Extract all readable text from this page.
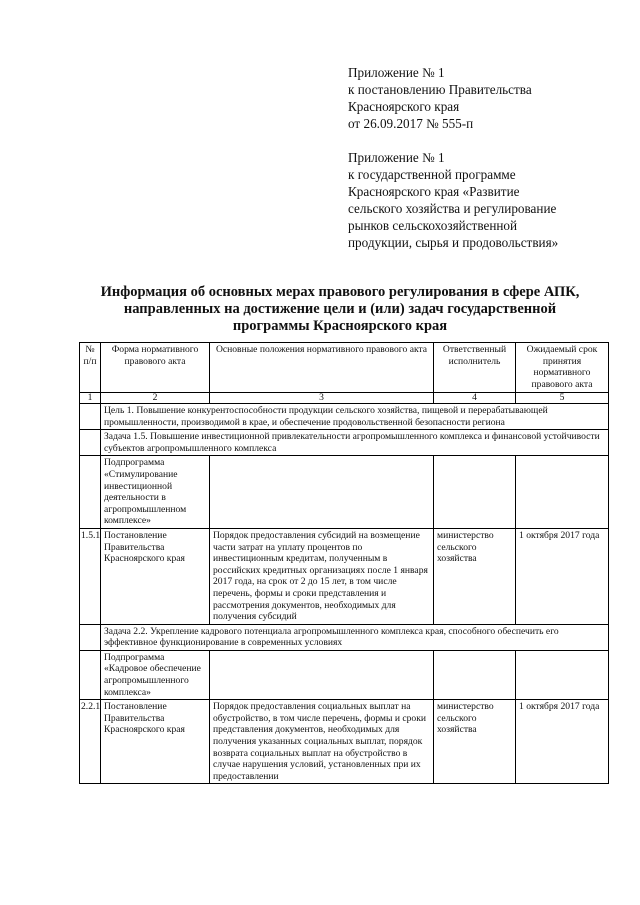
Приложение № 1
к постановлению Правительства
Красноярского края
от 26.09.2017 № 555-п
Приложение № 1
к государственной программе
Красноярского края «Развитие
сельского хозяйства и регулирование
рынков сельскохозяйственной
продукции, сырья и продовольствия»
Информация об основных мерах правового регулирования в сфере АПК,
направленных на достижение цели и (или) задач государственной
программы Красноярского края
№ п/п	Форма нормативного правового акта	Основные положения нормативного правового акта	Ответственный исполнитель	Ожидаемый срок принятия нормативного правового акта
1	2	3	4	5
	Цель 1. Повышение конкурентоспособности продукции сельского хозяйства, пищевой и перерабатывающей промышленности, производимой в крае, и обеспечение продовольственной безопасности региона			
	Задача 1.5. Повышение инвестиционной привлекательности агропромышленного комплекса и финансовой устойчивости субъектов агропромышленного комплекса			
	Подпрограмма «Стимулирование инвестиционной деятельности в агропромышленном комплексе»			
1.5.1	Постановление Правительства Красноярского края	Порядок предоставления субсидий на возмещение части затрат на уплату процентов по инвестиционным кредитам, полученным в российских кредитных организациях после 1 января 2017 года, на срок от 2 до 15 лет, в том числе перечень, формы и сроки представления и рассмотрения документов, необходимых для получения субсидий	министерство сельского хозяйства	1 октября 2017 года
	Задача 2.2. Укрепление кадрового потенциала агропромышленного комплекса края, способного обеспечить его эффективное функционирование в современных условиях			
	Подпрограмма «Кадровое обеспечение агропромышленного комплекса»			
2.2.1	Постановление Правительства Красноярского края	Порядок предоставления социальных выплат на обустройство, в том числе перечень, формы и сроки представления документов, необходимых для получения указанных социальных выплат, порядок возврата социальных выплат на обустройство в случае нарушения условий, установленных при их предоставлении	министерство сельского хозяйства	1 октября 2017 года
